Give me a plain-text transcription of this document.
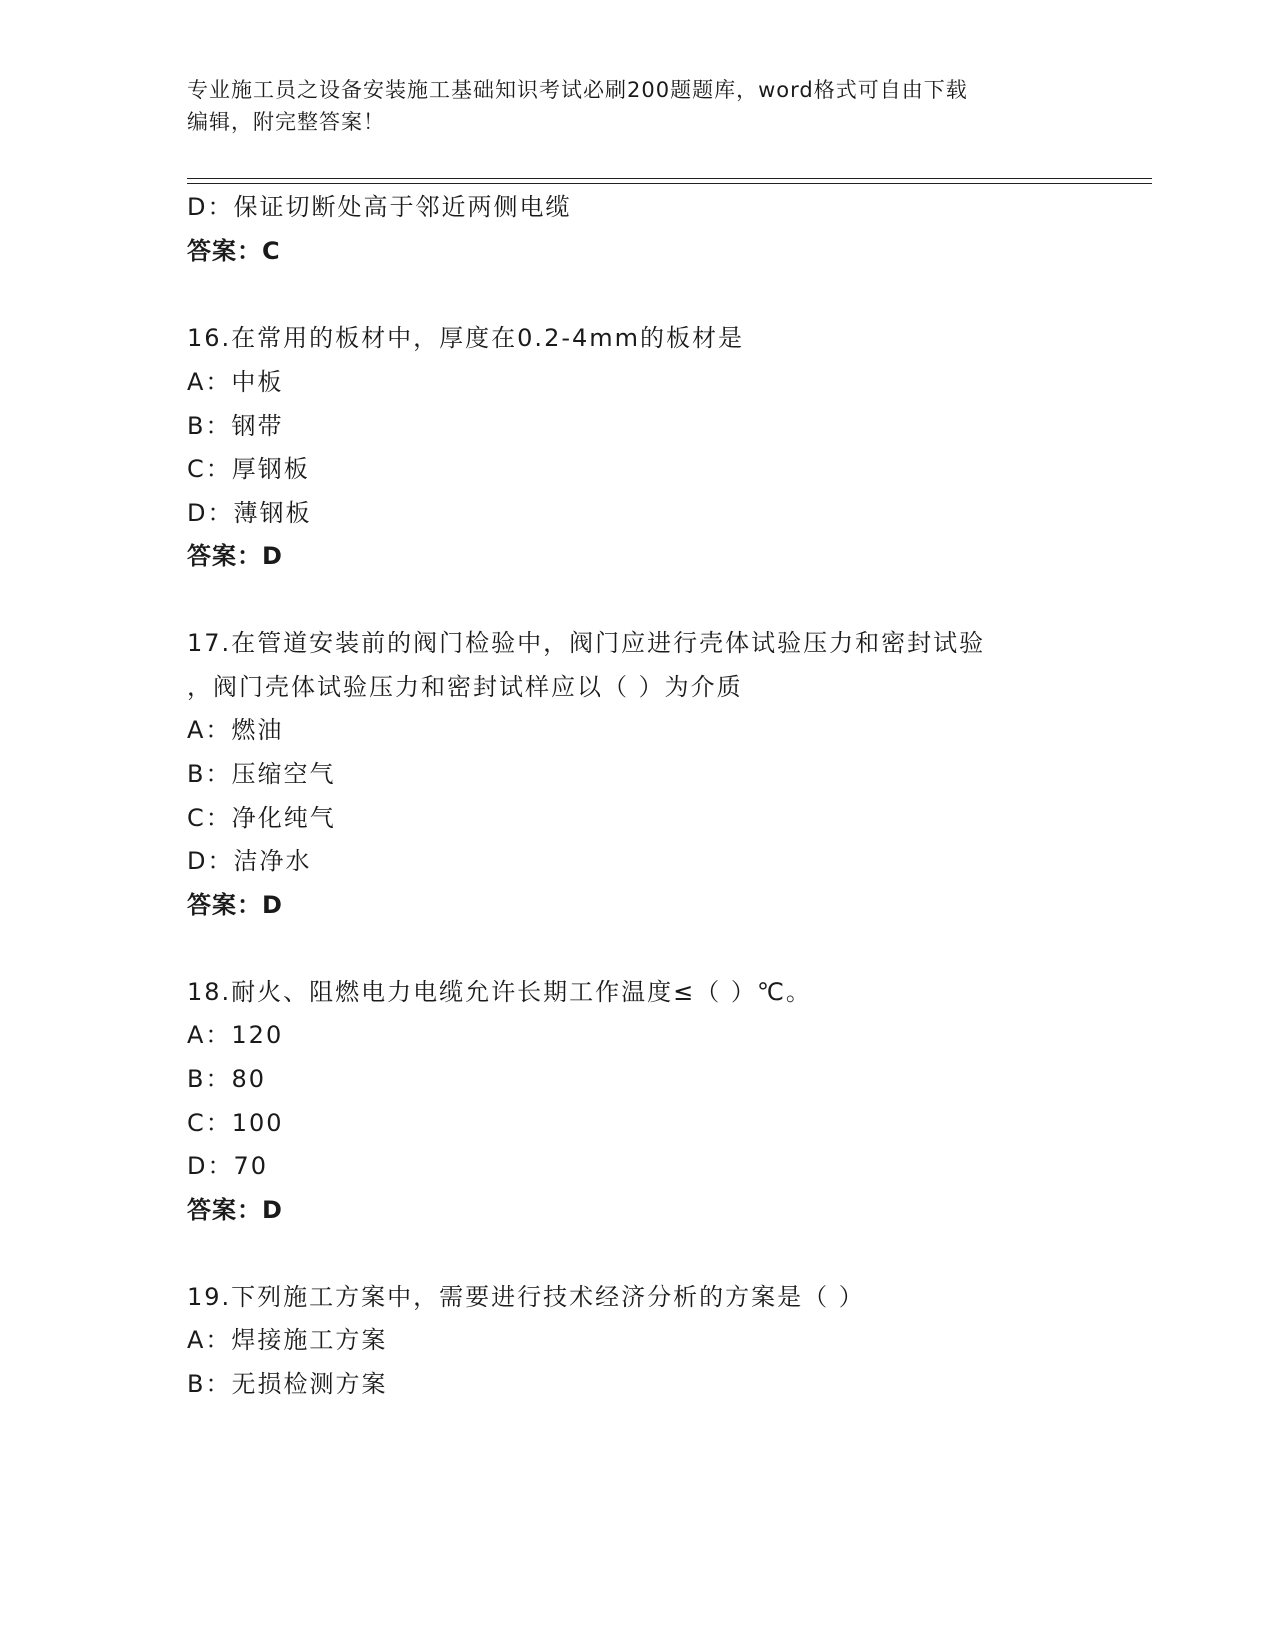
专业施工员之设备安装施工基础知识考试必刷200题题库，word格式可自由下载
编辑，附完整答案！
D：保证切断处高于邻近两侧电缆
答案：C
16.在常用的板材中，厚度在0.2-4mm的板材是
A：中板
B：钢带
C：厚钢板
D：薄钢板
答案：D
17.在管道安装前的阀门检验中，阀门应进行壳体试验压力和密封试验
，阀门壳体试验压力和密封试样应以（ ）为介质
A：燃油
B：压缩空气
C：净化纯气
D：洁净水
答案：D
18.耐火、阻燃电力电缆允许长期工作温度≤（ ）℃。
A：120
B：80
C：100
D：70
答案：D
19.下列施工方案中，需要进行技术经济分析的方案是（ ）
A：焊接施工方案
B：无损检测方案
